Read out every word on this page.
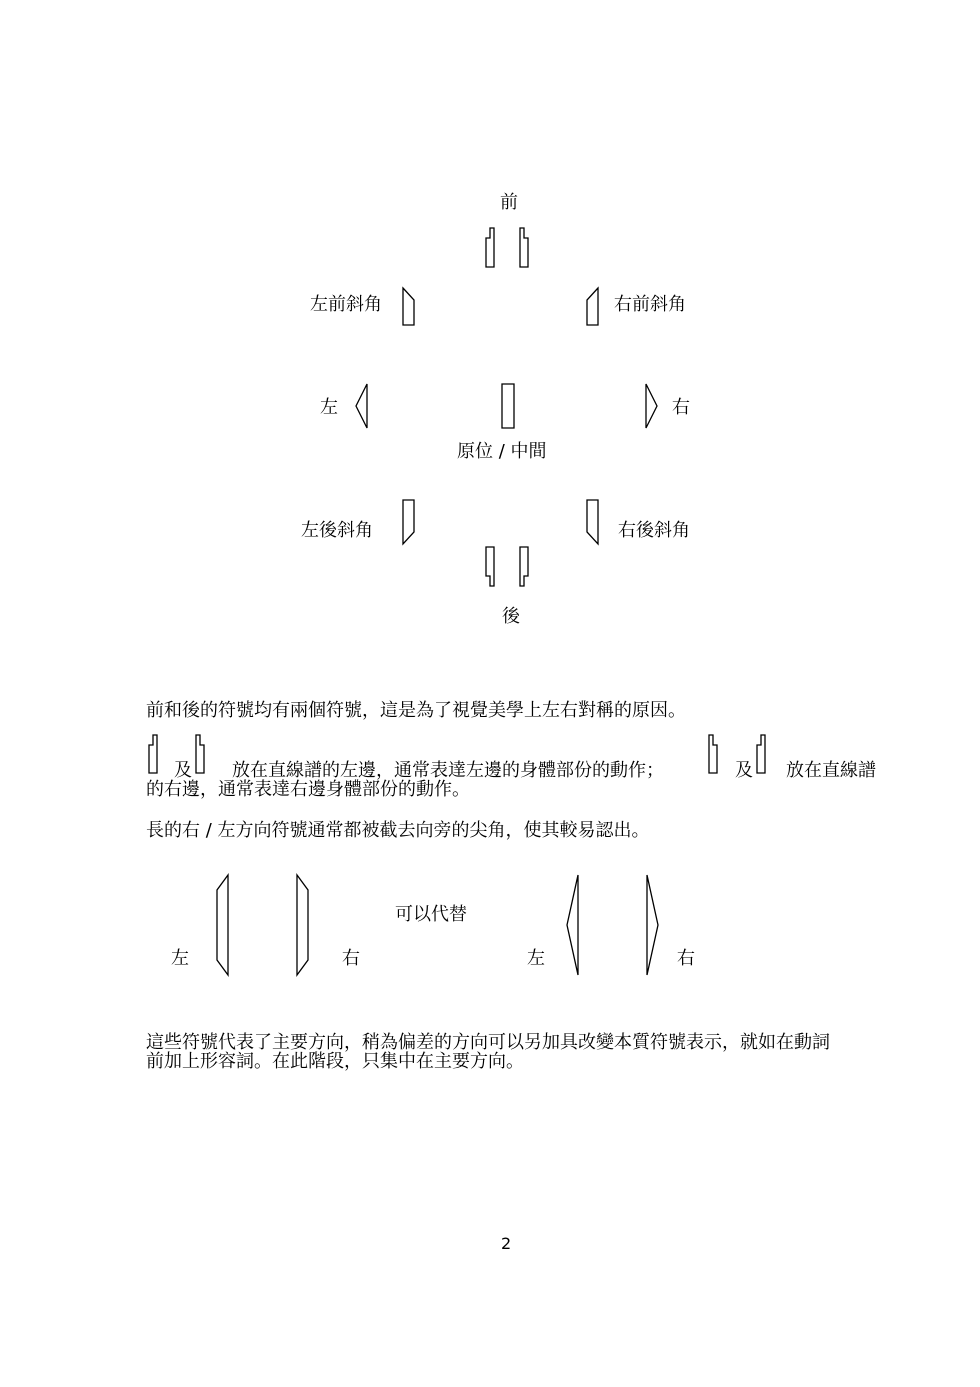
前
左前斜角	右前斜角
左	右
原位 / 中間
左後斜角	右後斜角
後
前和後的符號均有兩個符號，這是為了視覺美學上左右對稱的原因。
及 放在直線譜的左邊，通常表達左邊的身體部份的動作；	及 放在直線譜
的右邊，通常表達右邊身體部份的動作。
長的右 / 左方向符號通常都被截去向旁的尖角，使其較易認出。
左	右
可以代替
左	右
這些符號代表了主要方向，稍為偏差的方向可以另加具改變本質符號表示，就如在動詞
前加上形容詞。在此階段，只集中在主要方向。
2
